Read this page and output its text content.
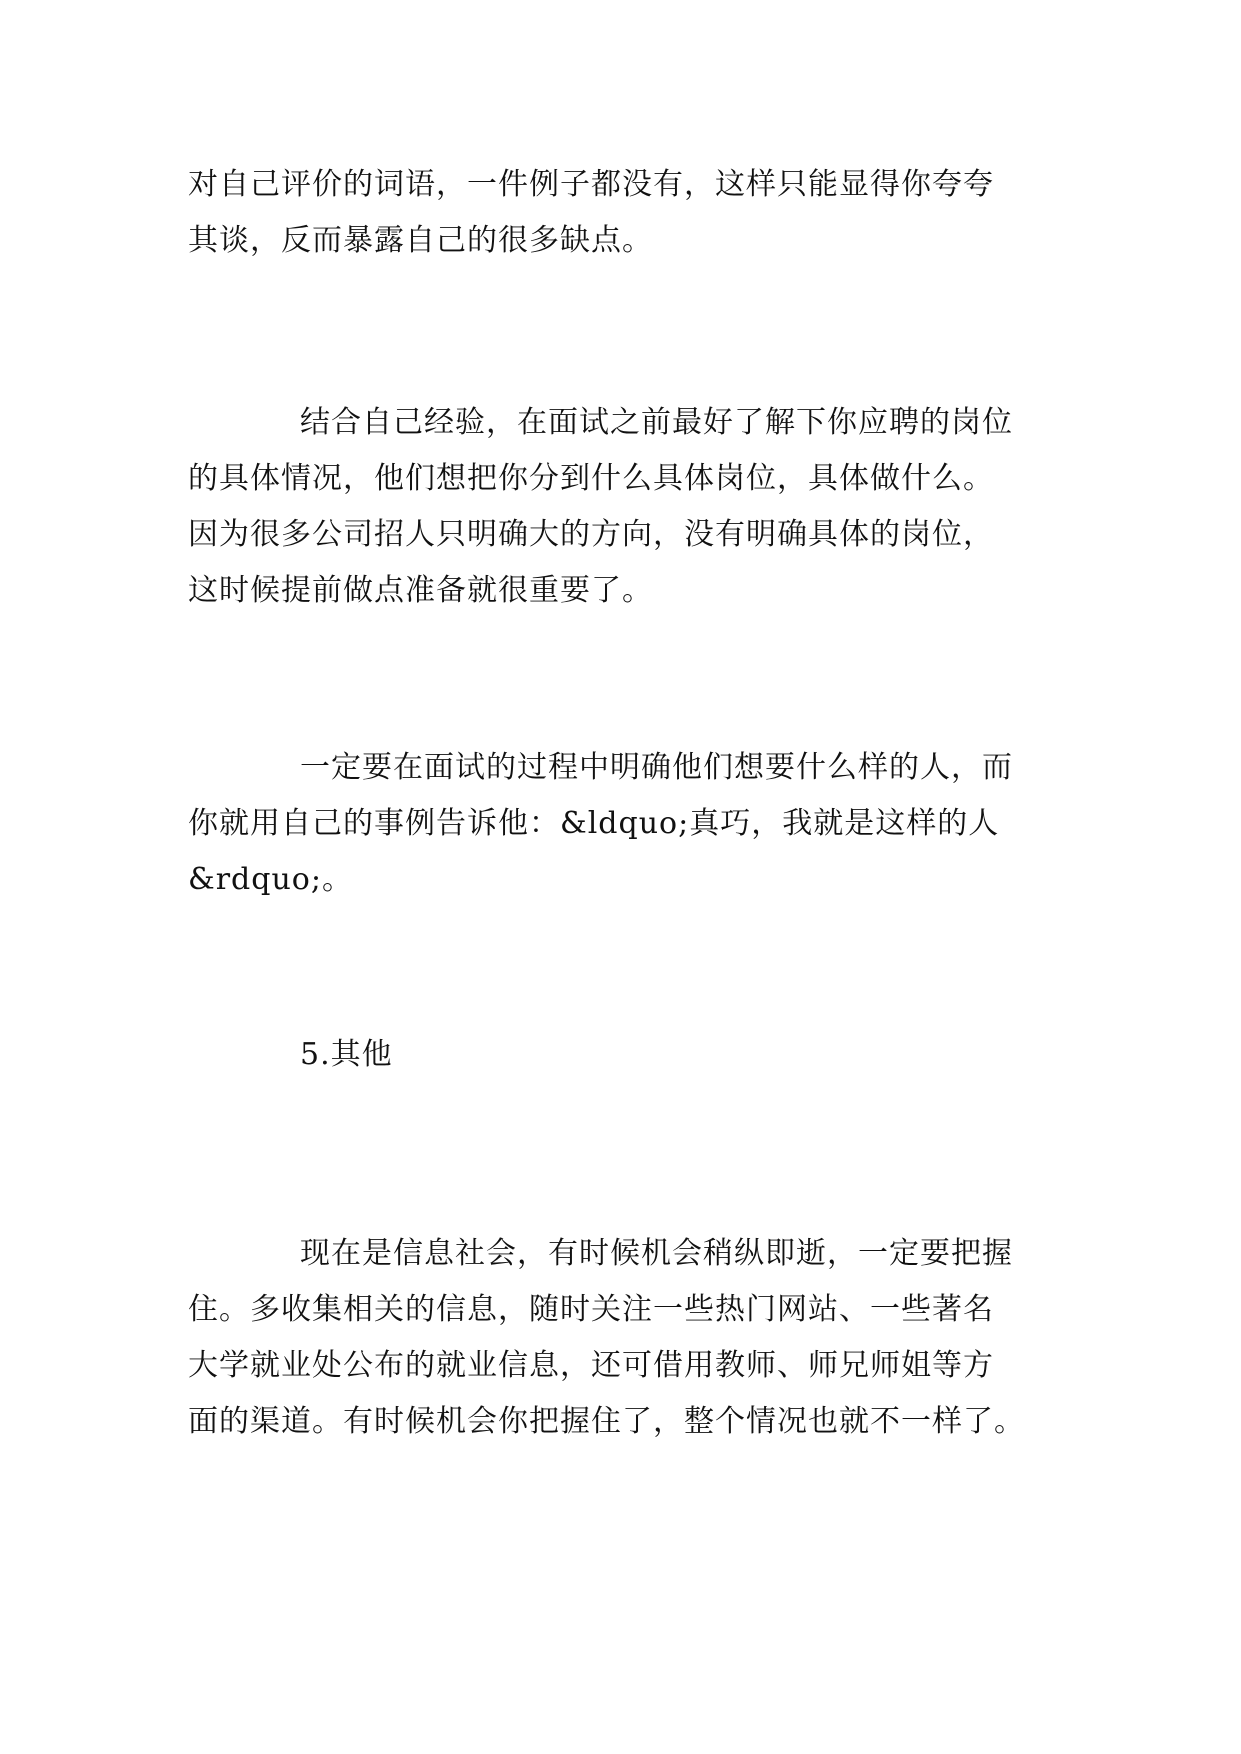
对自己评价的词语，一件例子都没有，这样只能显得你夸夸
其谈，反而暴露自己的很多缺点。
结合自己经验，在面试之前最好了解下你应聘的岗位
的具体情况，他们想把你分到什么具体岗位，具体做什么。
因为很多公司招人只明确大的方向，没有明确具体的岗位，
这时候提前做点准备就很重要了。
一定要在面试的过程中明确他们想要什么样的人，而
你就用自己的事例告诉他：&ldquo;真巧，我就是这样的人
&rdquo;。
5.其他
现在是信息社会，有时候机会稍纵即逝，一定要把握
住。多收集相关的信息，随时关注一些热门网站、一些著名
大学就业处公布的就业信息，还可借用教师、师兄师姐等方
面的渠道。有时候机会你把握住了，整个情况也就不一样了。
